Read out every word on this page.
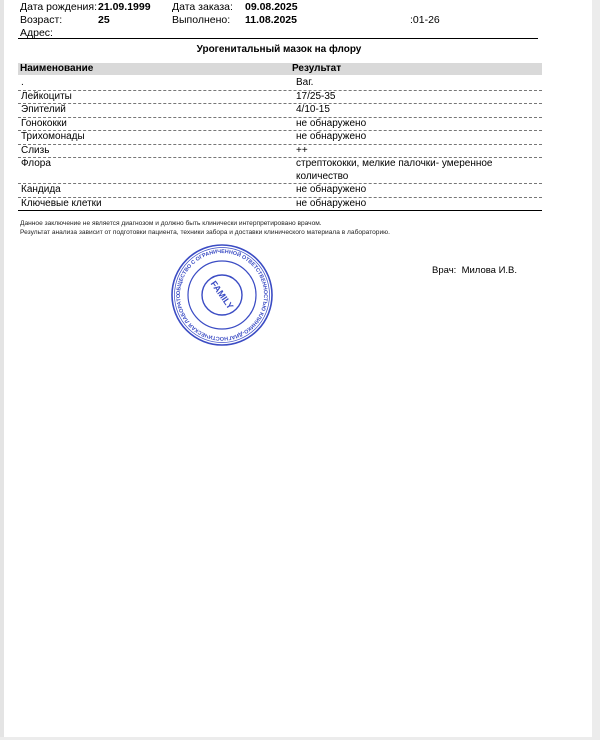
Дата рождения: 21.09.1999 Дата заказа: 09.08.2025
Возраст:	25	Выполнено: 11.08.2025	:01-26
Адрес:
Урогенитальный мазок на флору
Наименование	Результат
.	Ваг.
Лейкоциты	17/25-35
Эпителий	4/10-15
Гонококки	не обнаружено
Трихомонады	не обнаружено
Слизь	++
Флора	стрептококки, мелкие палочки- умеренное количество
Кандида	не обнаружено
Ключевые клетки	не обнаружено
Данное заключение не является диагнозом и должно быть клинически интерпретировано врачом.
Результат анализа зависит от подготовки пациента, техники забора и доставки клинического материала в лабораторию.
ОБЩЕСТВО С ОГРАНИЧЕННОЙ ОТВЕТСТВЕННОСТЬЮ КЛИНИКО-ДИАГНОСТИЧЕСКАЯ ЛАБОРАТО	FAMILY
Врач: Милова И.В.
